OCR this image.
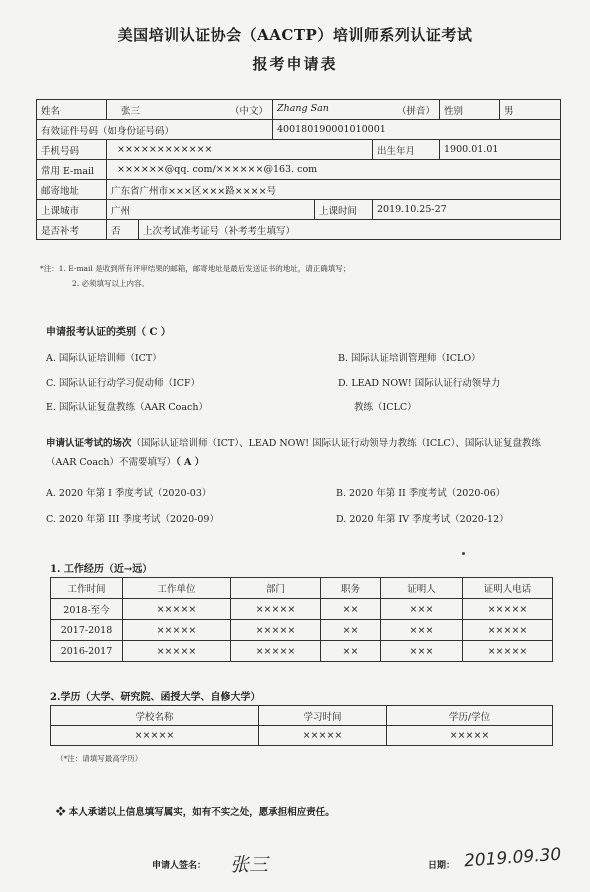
美国培训认证协会（AACTP）培训师系列认证考试
报考申请表
姓名	张三 （中文）		Zhang San （拼音）			性别	男
有效证件号码（如身份证号码）			400180190001010001				
手机号码	××××××××××××				出生年月	1900.01.01	
常用 E-mail	××××××@qq. com/××××××@163. com						
邮寄地址	广东省广州市×××区×××路××××号						
上课城市	广州			上课时间	2019.10.25-27		
是否补考	否	上次考试准考证号（补考考生填写）					
*注：1. E-mail 是收到所有评审结果的邮箱，邮寄地址是最后发送证书的地址，请正确填写；
2. 必须填写以上内容。
申请报考认证的类别（ C ）
A. 国际认证培训师（ICT）	B. 国际认证培训管理师（ICLO）
C. 国际认证行动学习促动师（ICF）	D. LEAD NOW! 国际认证行动领导力
E. 国际认证复盘教练（AAR Coach）	教练（ICLC）
申请认证考试的场次（国际认证培训师（ICT）、LEAD NOW! 国际认证行动领导力教练（ICLC）、国际认证复盘教练（AAR Coach）不需要填写）（ A ）
A. 2020 年第 I 季度考试（2020-03）	B. 2020 年第 II 季度考试（2020-06）
C. 2020 年第 III 季度考试（2020-09）	D. 2020 年第 IV 季度考试（2020-12）
1. 工作经历（近→远）
工作时间	工作单位	部门	职务	证明人	证明人电话
2018-至今	×××××	×××××	××	×××	×××××
2017-2018	×××××	×××××	××	×××	×××××
2016-2017	×××××	×××××	××	×××	×××××
2.学历（大学、研究院、函授大学、自修大学）
学校名称	学习时间	学历/学位
×××××	×××××	×××××
（*注：请填写最高学历）
❖ 本人承诺以上信息填写属实，如有不实之处，愿承担相应责任。
申请人签名： 张三	日期： 2019.09.30
